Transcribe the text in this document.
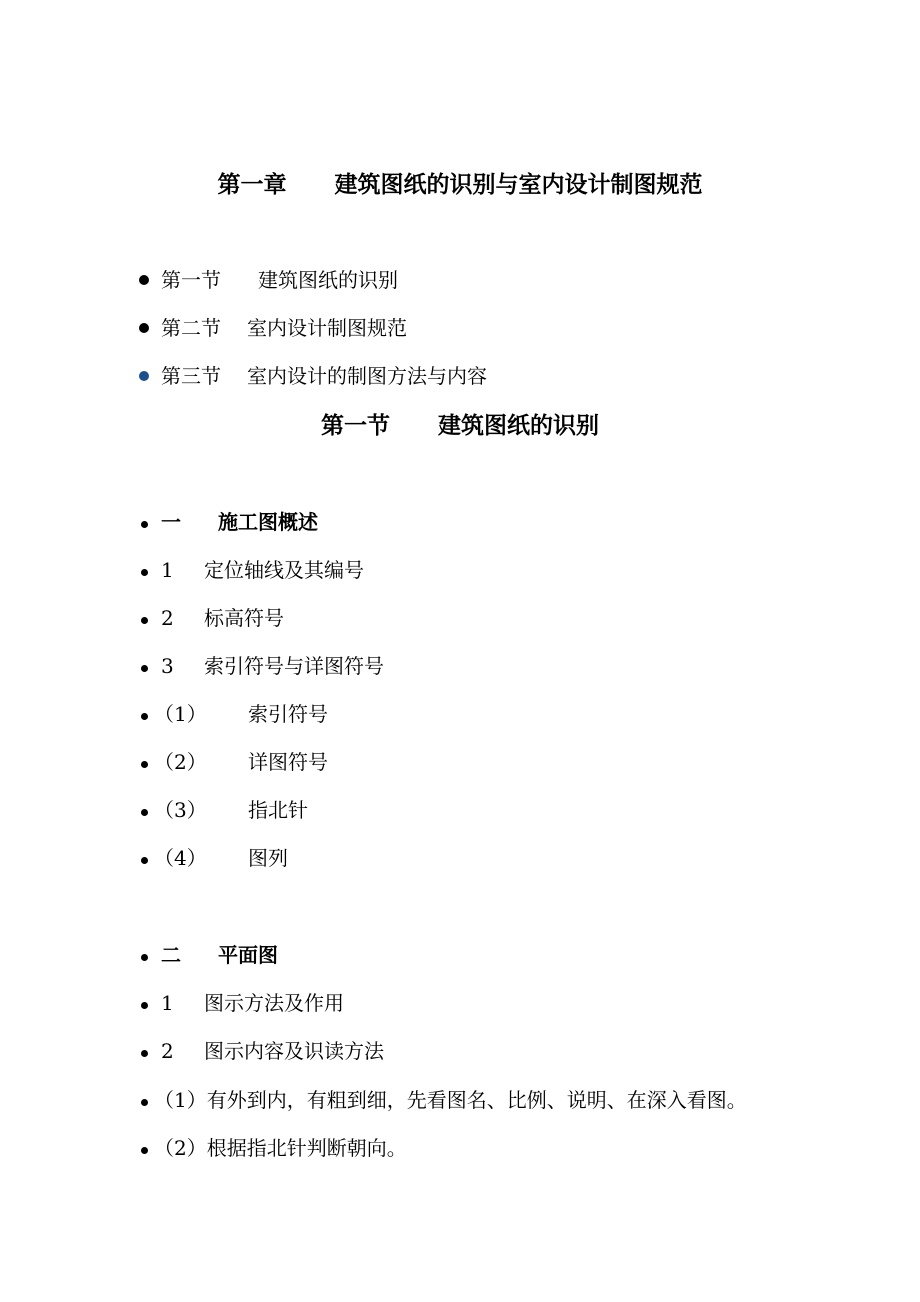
第一章      建筑图纸的识别与室内设计制图规范
第一节 建筑图纸的识别
第二节 室内设计制图规范
第三节 室内设计的制图方法与内容
第一节      建筑图纸的识别
一 施工图概述
1 定位轴线及其编号
2 标高符号
3 索引符号与详图符号
（1） 索引符号
（2） 详图符号
（3） 指北针
（4） 图列
二 平面图
1 图示方法及作用
2 图示内容及识读方法
（1）有外到内，有粗到细，先看图名、比例、说明、在深入看图。
（2）根据指北针判断朝向。
